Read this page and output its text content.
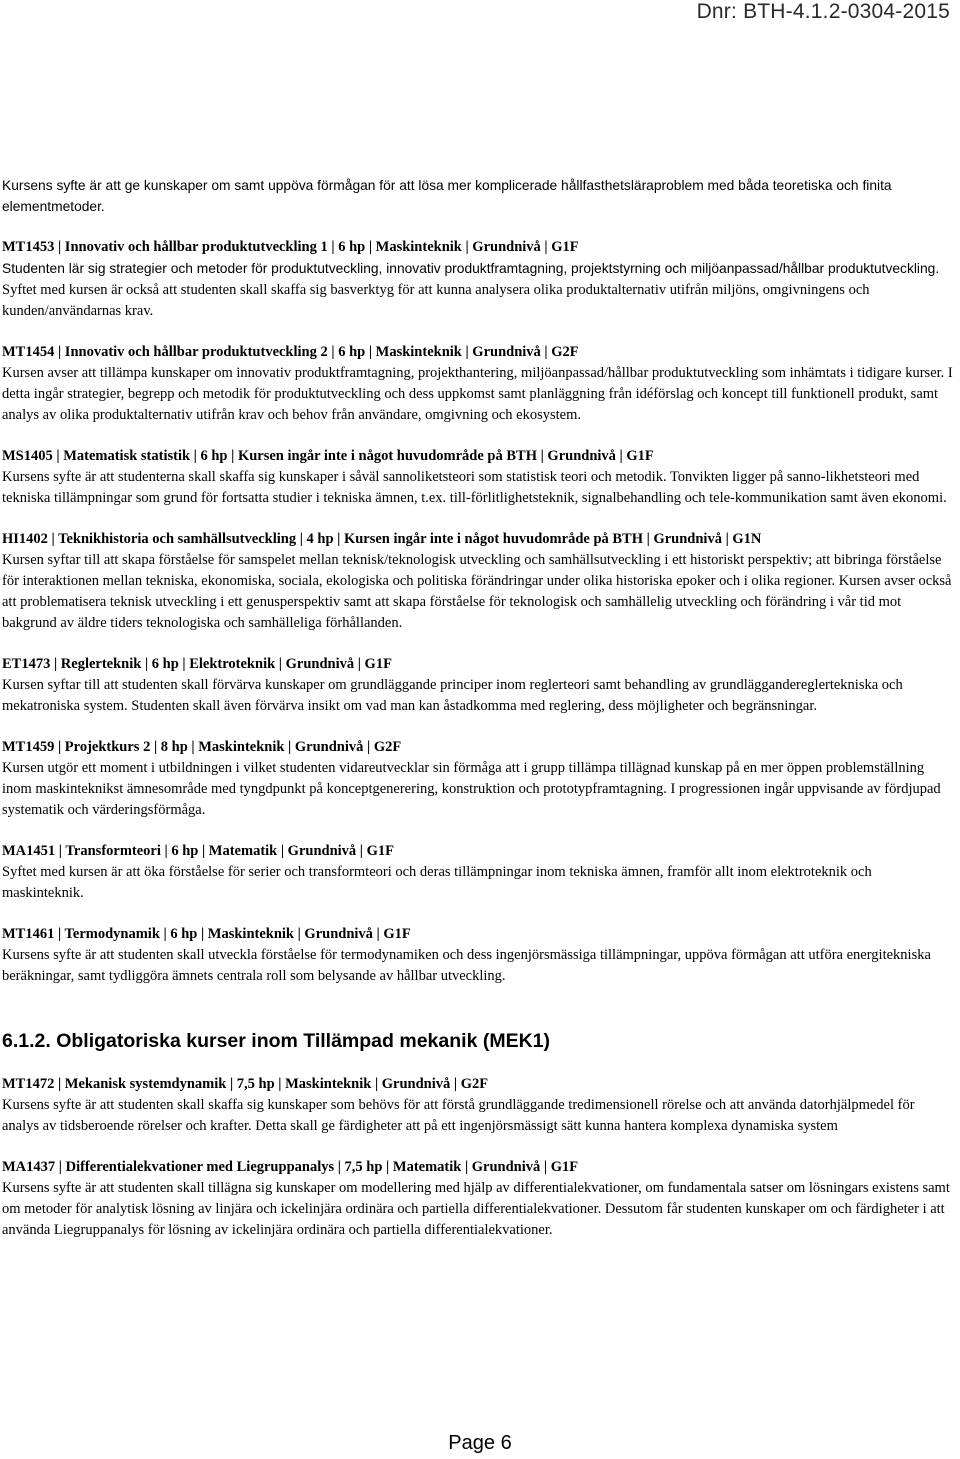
Dnr: BTH-4.1.2-0304-2015
Kursens syfte är att ge kunskaper om samt uppöva förmågan för att lösa mer komplicerade hållfasthetsläraproblem med båda teoretiska och finita elementmetoder.
MT1453 | Innovativ och hållbar produktutveckling 1 | 6 hp | Maskinteknik | Grundnivå | G1F
Studenten lär sig strategier och metoder för produktutveckling, innovativ produktframtagning, projektstyrning och miljöanpassad/hållbar produktutveckling. Syftet med kursen är också att studenten skall skaffa sig basverktyg för att kunna analysera olika produktalternativ utifrån miljöns, omgivningens och kunden/användarnas krav.
MT1454 | Innovativ och hållbar produktutveckling 2 | 6 hp | Maskinteknik | Grundnivå | G2F
Kursen avser att tillämpa kunskaper om innovativ produktframtagning, projekthantering, miljöanpassad/hållbar produktutveckling som inhämtats i tidigare kurser. I detta ingår strategier, begrepp och metodik för produktutveckling och dess uppkomst samt planläggning från idéförslag och koncept till funktionell produkt, samt analys av olika produktalternativ utifrån krav och behov från användare, omgivning och ekosystem.
MS1405 | Matematisk statistik | 6 hp | Kursen ingår inte i något huvudområde på BTH | Grundnivå | G1F
Kursens syfte är att studenterna skall skaffa sig kunskaper i såväl sannoliketsteori som statistisk teori och metodik. Tonvikten ligger på sanno-likhetsteori med tekniska tillämpningar som grund för fortsatta studier i tekniska ämnen, t.ex. till-förlitlighetsteknik, signalbehandling och tele-kommunikation samt även ekonomi.
HI1402 | Teknikhistoria och samhällsutveckling | 4 hp | Kursen ingår inte i något huvudområde på BTH | Grundnivå | G1N
Kursen syftar till att skapa förståelse för samspelet mellan teknisk/teknologisk utveckling och samhällsutveckling i ett historiskt perspektiv; att bibringa förståelse för interaktionen mellan tekniska, ekonomiska, sociala, ekologiska och politiska förändringar under olika historiska epoker och i olika regioner. Kursen avser också att problematisera teknisk utveckling i ett genusperspektiv samt att skapa förståelse för teknologisk och samhällelig utveckling och förändring i vår tid mot bakgrund av äldre tiders teknologiska och samhälleliga förhållanden.
ET1473 | Reglerteknik | 6 hp | Elektroteknik | Grundnivå | G1F
Kursen syftar till att studenten skall förvärva kunskaper om grundläggande principer inom reglerteori samt behandling av grundläggandereglertekniska och mekatroniska system. Studenten skall även förvärva insikt om vad man kan åstadkomma med reglering, dess möjligheter och begränsningar.
MT1459 | Projektkurs 2 | 8 hp | Maskinteknik | Grundnivå | G2F
Kursen utgör ett moment i utbildningen i vilket studenten vidareutvecklar sin förmåga att i grupp tillämpa tillägnad kunskap på en mer öppen problemställning inom maskinteknikst ämnesområde med tyngdpunkt på konceptgenerering, konstruktion och prototypframtagning. I progressionen ingår uppvisande av fördjupad systematik och värderingsförmåga.
MA1451 | Transformteori | 6 hp | Matematik | Grundnivå | G1F
Syftet med kursen är att öka förståelse för serier och transformteori och deras tillämpningar inom tekniska ämnen, framför allt inom elektroteknik och maskinteknik.
MT1461 | Termodynamik | 6 hp | Maskinteknik | Grundnivå | G1F
Kursens syfte är att studenten skall utveckla förståelse för termodynamiken och dess ingenjörsmässiga tillämpningar, uppöva förmågan att utföra energitekniska beräkningar, samt tydliggöra ämnets centrala roll som belysande av hållbar utveckling.
6.1.2. Obligatoriska kurser inom Tillämpad mekanik (MEK1)
MT1472 | Mekanisk systemdynamik | 7,5 hp | Maskinteknik | Grundnivå | G2F
Kursens syfte är att studenten skall skaffa sig kunskaper som behövs för att förstå grundläggande tredimensionell rörelse och att använda datorhjälpmedel för analys av tidsberoende rörelser och krafter. Detta skall ge färdigheter att på ett ingenjörsmässigt sätt kunna hantera komplexa dynamiska system
MA1437 | Differentialekvationer med Liegruppanalys | 7,5 hp | Matematik | Grundnivå | G1F
Kursens syfte är att studenten skall tillägna sig kunskaper om modellering med hjälp av differentialekvationer, om fundamentala satser om lösningars existens samt om metoder för analytisk lösning av linjära och ickelinjära ordinära och partiella differentialekvationer. Dessutom får studenten kunskaper om och färdigheter i att använda Liegruppanalys för lösning av ickelinjära ordinära och partiella differentialekvationer.
Page 6
